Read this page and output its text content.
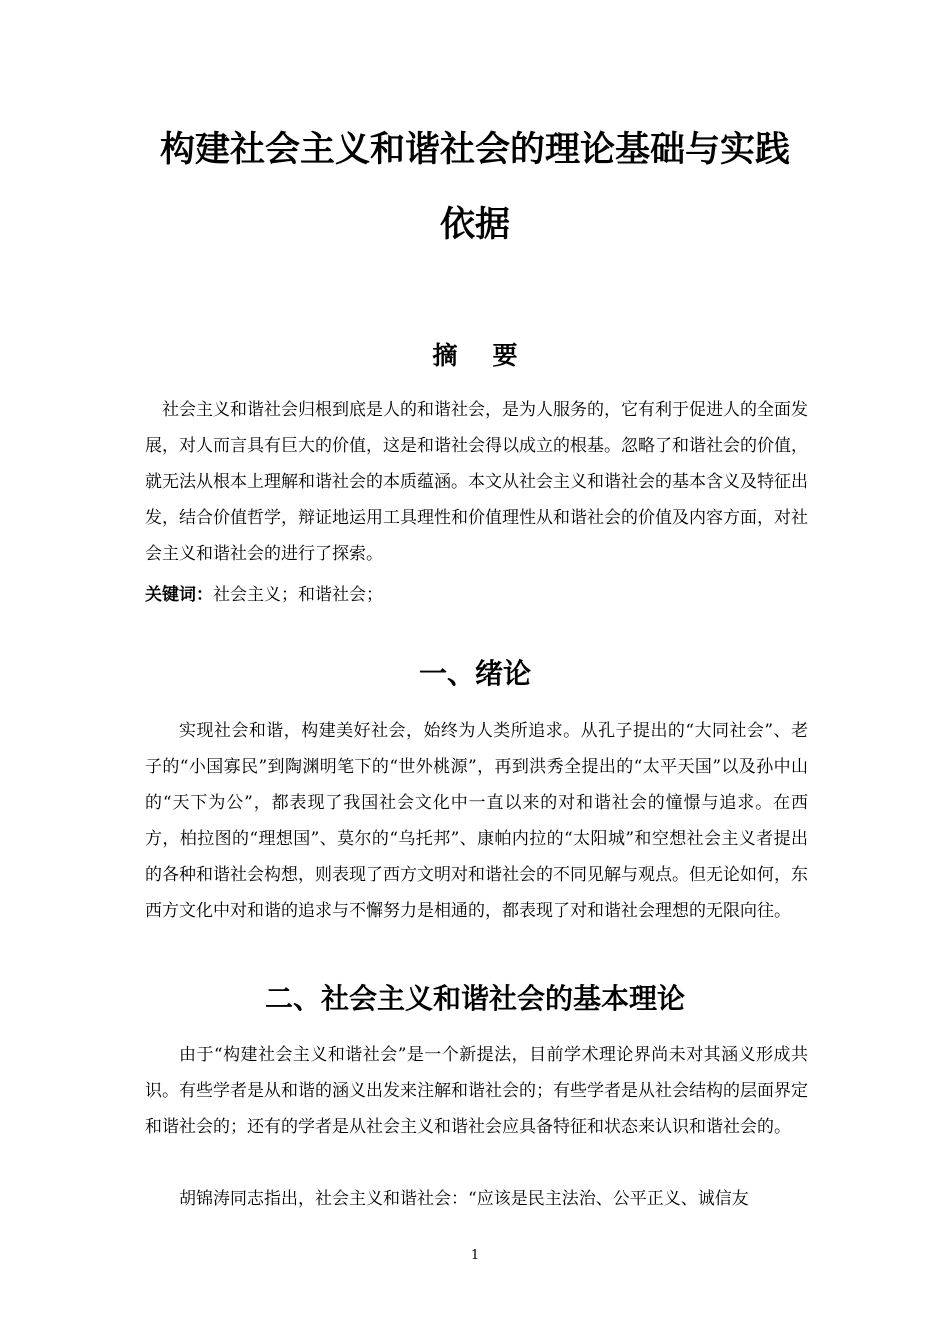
构建社会主义和谐社会的理论基础与实践
依据
摘要

社会主义和谐社会归根到底是人的和谐社会，是为人服务的，它有利于促进人的全面发展，对人而言具有巨大的价值，这是和谐社会得以成立的根基。忽略了和谐社会的价值，就无法从根本上理解和谐社会的本质蕴涵。本文从社会主义和谐社会的基本含义及特征出发，结合价值哲学，辩证地运用工具理性和价值理性从和谐社会的价值及内容方面，对社会主义和谐社会的进行了探索。

关键词：社会主义；和谐社会；

一、绪论

实现社会和谐，构建美好社会，始终为人类所追求。从孔子提出的“大同社会”、老子的“小国寡民”到陶渊明笔下的“世外桃源”，再到洪秀全提出的“太平天国”以及孙中山的“天下为公”，都表现了我国社会文化中一直以来的对和谐社会的憧憬与追求。在西方，柏拉图的“理想国”、莫尔的“乌托邦”、康帕内拉的“太阳城”和空想社会主义者提出的各种和谐社会构想，则表现了西方文明对和谐社会的不同见解与观点。但无论如何，东西方文化中对和谐的追求与不懈努力是相通的，都表现了对和谐社会理想的无限向往。

二、社会主义和谐社会的基本理论

由于“构建社会主义和谐社会”是一个新提法，目前学术理论界尚未对其涵义形成共识。有些学者是从和谐的涵义出发来注解和谐社会的；有些学者是从社会结构的层面界定和谐社会的；还有的学者是从社会主义和谐社会应具备特征和状态来认识和谐社会的。

胡锦涛同志指出，社会主义和谐社会：“应该是民主法治、公平正义、诚信友

1
